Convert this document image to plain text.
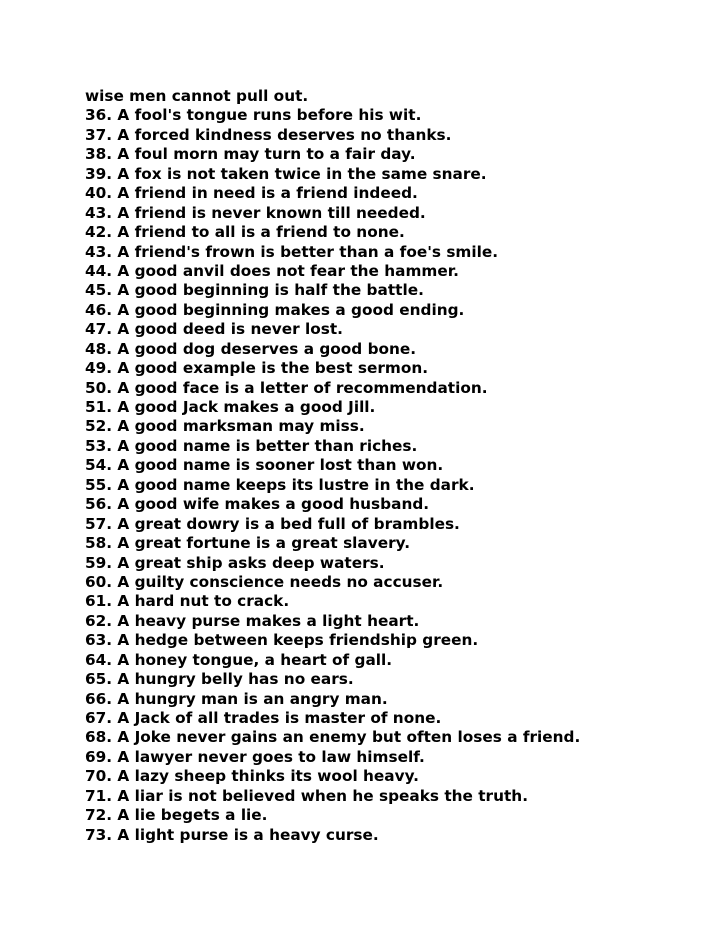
wise men cannot pull out.
36. A fool's tongue runs before his wit.
37. A forced kindness deserves no thanks.
38. A foul morn may turn to a fair day.
39. A fox is not taken twice in the same snare.
40. A friend in need is a friend indeed.
43. A friend is never known till needed.
42. A friend to all is a friend to none.
43. A friend's frown is better than a foe's smile.
44. A good anvil does not fear the hammer.
45. A good beginning is half the battle.
46. A good beginning makes a good ending.
47. A good deed is never lost.
48. A good dog deserves a good bone.
49. A good example is the best sermon.
50. A good face is a letter of recommendation.
51. A good Jack makes a good Jill.
52. A good marksman may miss.
53. A good name is better than riches.
54. A good name is sooner lost than won.
55. A good name keeps its lustre in the dark.
56. A good wife makes a good husband.
57. A great dowry is a bed full of brambles.
58. A great fortune is a great slavery.
59. A great ship asks deep waters.
60. A guilty conscience needs no accuser.
61. A hard nut to crack.
62. A heavy purse makes a light heart.
63. A hedge between keeps friendship green.
64. A honey tongue, a heart of gall.
65. A hungry belly has no ears.
66. A hungry man is an angry man.
67. A Jack of all trades is master of none.
68. A Joke never gains an enemy but often loses a friend.
69. A lawyer never goes to law himself.
70. A lazy sheep thinks its wool heavy.
71. A liar is not believed when he speaks the truth.
72. A lie begets a lie.
73. A light purse is a heavy curse.
